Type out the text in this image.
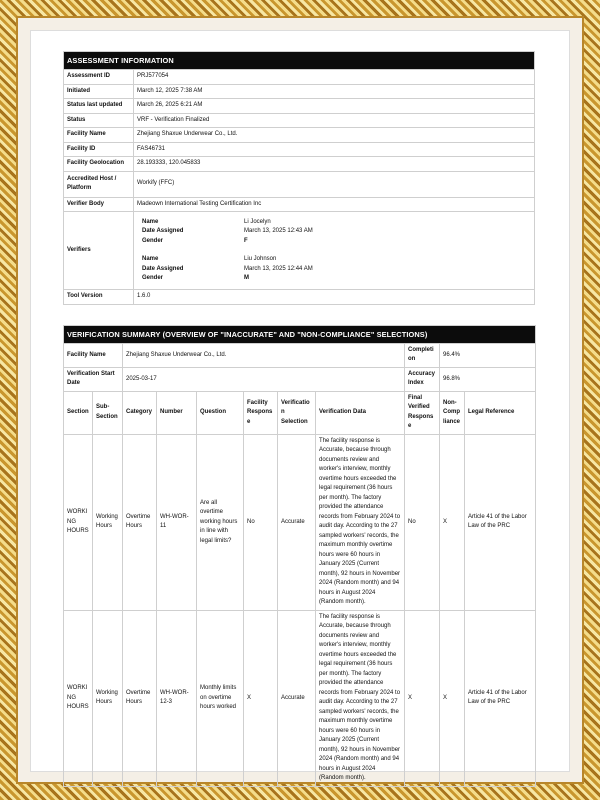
ASSESSMENT INFORMATION
Assessment ID	PRJ577054
Initiated	March 12, 2025 7:38 AM
Status last updated	March 26, 2025 6:21 AM
Status	VRF - Verification Finalized
Facility Name	Zhejiang Shaxue Underwear Co., Ltd.
Facility ID	FAS46731
Facility Geolocation	28.193333, 120.045833
Accredited Host / Platform	Workify (FFC)
Verifier Body	Madeown International Testing Certification Inc
Verifiers	
Name	Li Jocelyn
Date Assigned	March 13, 2025 12:43 AM
Gender	F

Name	Liu Johnson
Date Assigned	March 13, 2025 12:44 AM
Gender	M

Tool Version	1.6.0
VERIFICATION SUMMARY (OVERVIEW OF "INACCURATE" AND "NON-COMPLIANCE" SELECTIONS)										
Facility Name		Zhejiang Shaxue Underwear Co., Ltd.						Completion	96.4%	
Verification Start Date		2025-03-17						Accuracy Index	96.8%	
Section	Sub-Section	Category	Number	Question	Facility Response	Verification Selection	Verification Data	Final Verified Response	Non-Compliance	Legal Reference
WORKING HOURS	Working Hours	Overtime Hours	WH-WOR-11	Are all overtime working hours in line with legal limits?	No	Accurate	The facility response is Accurate, because through documents review and worker's interview, monthly overtime hours exceeded the legal requirement (36 hours per month). The factory provided the attendance records from February 2024 to audit day. According to the 27 sampled workers' records, the maximum monthly overtime hours were 60 hours in January 2025 (Current month), 92 hours in November 2024 (Random month) and 94 hours in August 2024 (Random month).	No	X	Article 41 of the Labor Law of the PRC
WORKING HOURS	Working Hours	Overtime Hours	WH-WOR-12-3	Monthly limits on overtime hours worked	X	Accurate	The facility response is Accurate, because through documents review and worker's interview, monthly overtime hours exceeded the legal requirement (36 hours per month). The factory provided the attendance records from February 2024 to audit day. According to the 27 sampled workers' records, the maximum monthly overtime hours were 60 hours in January 2025 (Current month), 92 hours in November 2024 (Random month) and 94 hours in August 2024 (Random month).	X	X	Article 41 of the Labor Law of the PRC
